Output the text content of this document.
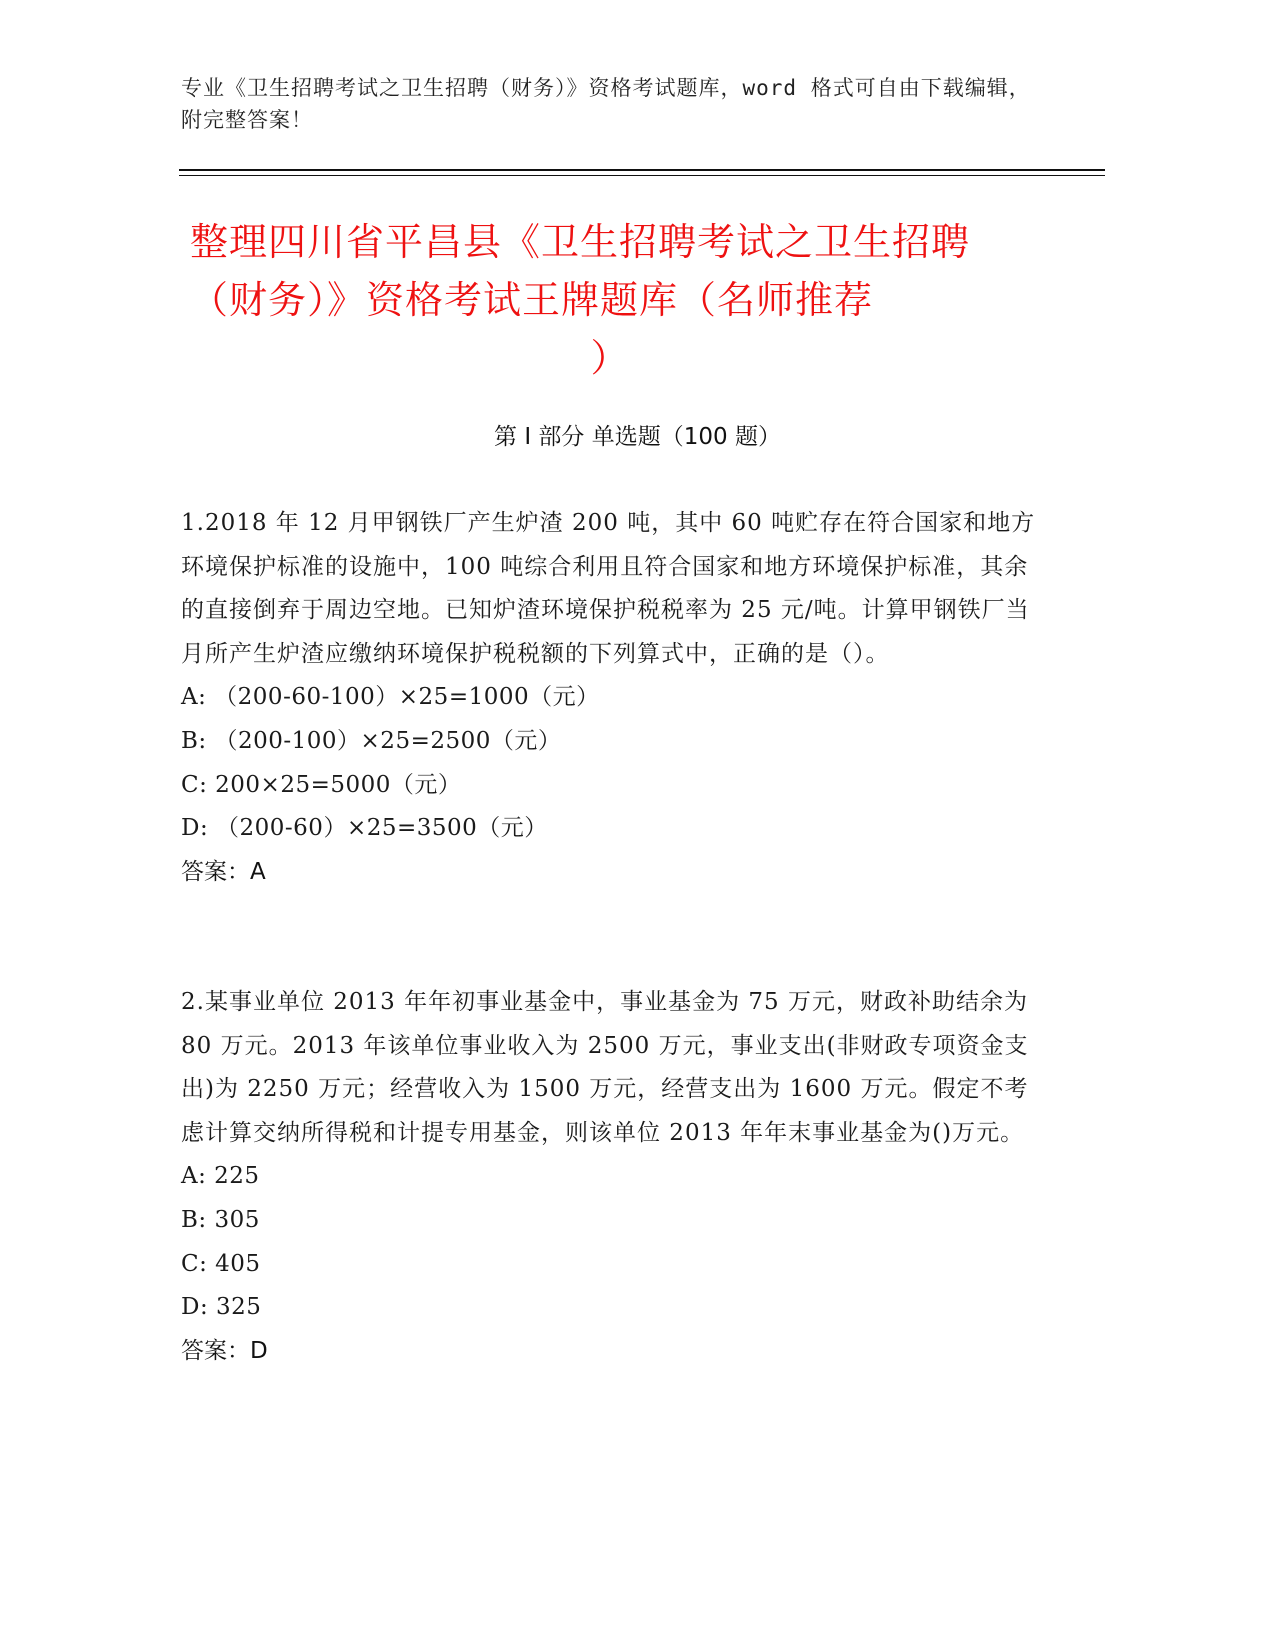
专业《卫生招聘考试之卫生招聘（财务）》资格考试题库，word 格式可自由下载编辑，附完整答案！
整理四川省平昌县《卫生招聘考试之卫生招聘（财务）》资格考试王牌题库（名师推荐
）
第 I 部分 单选题（100 题）

1.2018 年 12 月甲钢铁厂产生炉渣 200 吨，其中 60 吨贮存在符合国家和地方环境保护标准的设施中，100 吨综合利用且符合国家和地方环境保护标准，其余的直接倒弃于周边空地。已知炉渣环境保护税税率为 25 元/吨。计算甲钢铁厂当月所产生炉渣应缴纳环境保护税税额的下列算式中，正确的是（）。

A: （200-60-100）×25=1000（元）

B: （200-100）×25=2500（元）

C: 200×25=5000（元）

D: （200-60）×25=3500（元）

答案：A

2.某事业单位 2013 年年初事业基金中，事业基金为 75 万元，财政补助结余为 80 万元。2013 年该单位事业收入为 2500 万元，事业支出(非财政专项资金支出)为 2250 万元；经营收入为 1500 万元，经营支出为 1600 万元。假定不考虑计算交纳所得税和计提专用基金，则该单位 2013 年年末事业基金为()万元。

A: 225

B: 305

C: 405

D: 325

答案：D
